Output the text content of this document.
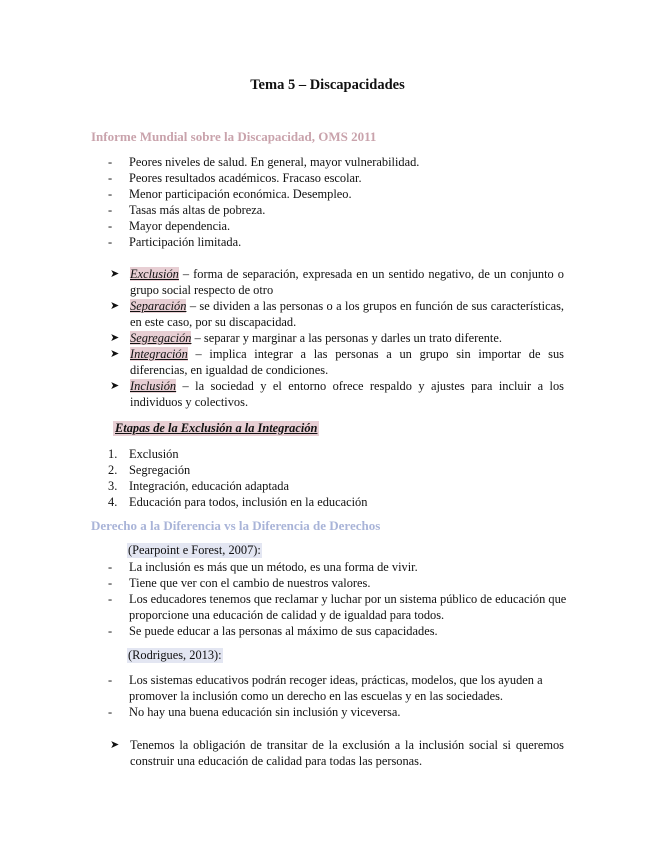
Tema 5 – Discapacidades
Informe Mundial sobre la Discapacidad, OMS 2011
- Peores niveles de salud. En general, mayor vulnerabilidad.
- Peores resultados académicos. Fracaso escolar.
- Menor participación económica. Desempleo.
- Tasas más altas de pobreza.
- Mayor dependencia.
- Participación limitada.
➤ Exclusión – forma de separación, expresada en un sentido negativo, de un conjunto o grupo social respecto de otro
➤ Separación – se dividen a las personas o a los grupos en función de sus características, en este caso, por su discapacidad.
➤ Segregación – separar y marginar a las personas y darles un trato diferente.
➤ Integración – implica integrar a las personas a un grupo sin importar de sus diferencias, en igualdad de condiciones.
➤ Inclusión – la sociedad y el entorno ofrece respaldo y ajustes para incluir a los individuos y colectivos.
Etapas de la Exclusión a la Integración
1. Exclusión
2. Segregación
3. Integración, educación adaptada
4. Educación para todos, inclusión en la educación
Derecho a la Diferencia vs la Diferencia de Derechos
(Pearpoint e Forest, 2007):
- La inclusión es más que un método, es una forma de vivir.
- Tiene que ver con el cambio de nuestros valores.
- Los educadores tenemos que reclamar y luchar por un sistema público de educación que proporcione una educación de calidad y de igualdad para todos.
- Se puede educar a las personas al máximo de sus capacidades.
(Rodrigues, 2013):
- Los sistemas educativos podrán recoger ideas, prácticas, modelos, que los ayuden a promover la inclusión como un derecho en las escuelas y en las sociedades.
- No hay una buena educación sin inclusión y viceversa.
➤ Tenemos la obligación de transitar de la exclusión a la inclusión social si queremos construir una educación de calidad para todas las personas.
